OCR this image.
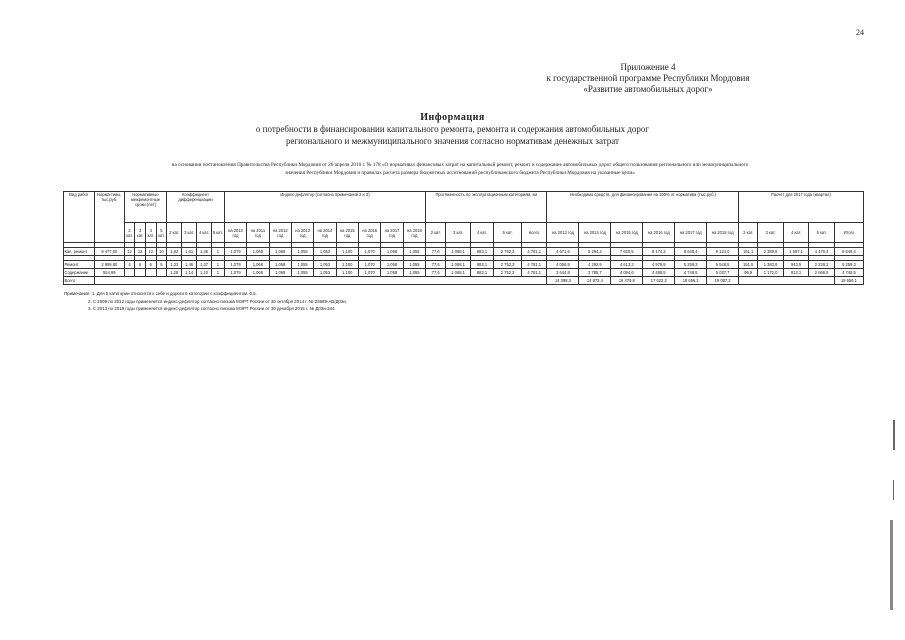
24
Приложение 4
к государственной программе Республики Мордовия
«Развитие автомобильных дорог»
Информация
о потребности в финансировании капитального ремонта, ремонта и содержания автомобильных дорог
регионального и межмуниципального значения согласно нормативам денежных затрат
на основании постановления Правительства Республики Мордовия от 26 апреля 2010 г. № 178 «О нормативах финансовых затрат на капитальный ремонт, ремонт и содержание автомобильных дорог общего пользования регионального или межмуниципального
значения Республики Мордовия и правилах расчета размера бюджетных ассигнований республиканского бюджета Республики Мордовия на указанные цели»
Вид работ	Норма-тивы, тыс.руб.	Нормативные межремонтные сроки (лет)				Коэффициент дифференциации				Индекс-дефлятор (согласно примечаний 2 и 3)									Протяженность по эксплуатационным категориям, км					Необходимо средств, для финансирования на 100% от норматива (тыс.руб.)						Расчет для 2017 года (квартал)				
		2 кат.	3 кат.	4 кат.	5 кат.	2 кат.	3 кат.	4 кат.	5 кат.	на 2010 год	на 2011 год	на 2012 год	на 2013 год	на 2014 год	на 2015 год	на 2016 год	на 2017 год	на 2018 год	2 кат.	3 кат.	4 кат.	5 кат.	всего	на 2013 год	на 2014 год	на 2015 год	на 2016 год	на 2017 год	на 2018 год	2 кат.	3 кат.	4 кат.	5 кат.	Итого

Кап. ремонт	9 477,00	12	12	12	10	1,82	1,61	1,46	1	1,079	1,068	1,068	1,055	1,053	1,100	1,070	1,058	1,055	77,6	1 068,1	883,1	2 752,3	4 781,1	4 671,6	5 294,3	7 620,5	8 174,3	8 648,4	9 124,0	151,1	2 389,8	1 587,1	4 470,4	8 648,4

Ремонт	2 999,80	4	6	6	5	1,33	1,46	1,37	1	1,079	1,068	1,068	1,055	1,053	1,100	1,070	1,058	1,055	77,6	1 068,1	883,1	2 752,3	4 781,1	4 058,9	4 292,9	4 613,3	4 979,9	5 259,3	5 548,5	151,5	1 383,8	943,5	2 229,2	5 259,3
Содержание	554,99					1,28	1,14	1,10	1	1,079	1,068	1,068	1,055	1,053	1,100	1,070	1,058	1,055	77,6	1 068,1	883,1	2 752,3	4 781,1	3 644,8	3 785,7	4 094,6	4 488,5	4 748,5	5 037,7	96,9	1 172,0	813,1	2 666,5	4 748,5
Всего																								14 398,3	14 873,4	16 479,8	17 622,2	18 656,1	19 087,2					18 656,1
Примечание: 1. Для 5 категории относится к себе и дороги 6 категории с коэффициентом. 0,5.
2. С 2009 по 2012 годы применяется индекс-дефлятор согласно письма МЭРТ России от 30 октября 2014 г. № 23689-АВ/Д03и.
3. С 2013 по 2018 годы применяется индекс-дефлятор согласно письма МЭРТ России от 30 декабря 2015 г. № Д03и-344.
